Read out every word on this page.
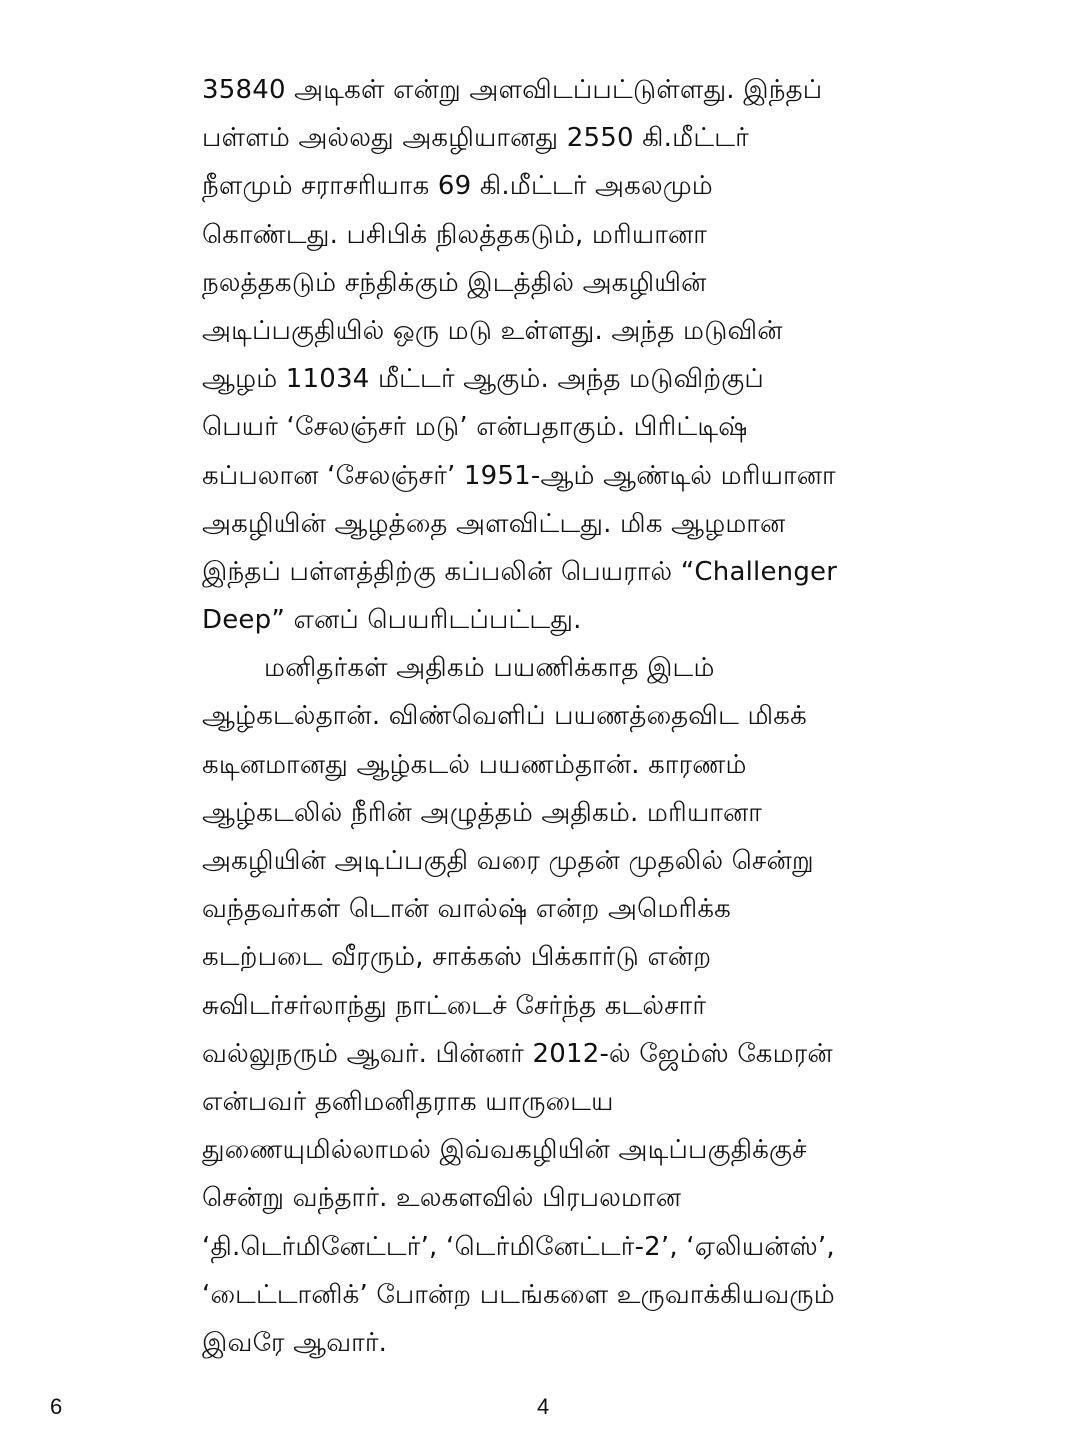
35840 அடிகள் என்று அளவிடப்பட்டுள்ளது. இந்தப்
பள்ளம் அல்லது அகழியானது 2550 கி.மீட்டர்
நீளமும் சராசரியாக 69 கி.மீட்டர் அகலமும்
கொண்டது. பசிபிக் நிலத்தகடும், மரியானா
நலத்தகடும் சந்திக்கும் இடத்தில் அகழியின்
அடிப்பகுதியில் ஒரு மடு உள்ளது. அந்த மடுவின்
ஆழம் 11034 மீட்டர் ஆகும். அந்த மடுவிற்குப்
பெயர் ‘சேலஞ்சர் மடு’ என்பதாகும். பிரிட்டிஷ்
கப்பலான ‘சேலஞ்சர்’ 1951-ஆம் ஆண்டில் மரியானா
அகழியின் ஆழத்தை அளவிட்டது. மிக ஆழமான
இந்தப் பள்ளத்திற்கு கப்பலின் பெயரால் “Challenger
Deep” எனப் பெயரிடப்பட்டது.
மனிதர்கள் அதிகம் பயணிக்காத இடம்
ஆழ்கடல்தான். விண்வெளிப் பயணத்தைவிட மிகக்
கடினமானது ஆழ்கடல் பயணம்தான். காரணம்
ஆழ்கடலில் நீரின் அழுத்தம் அதிகம். மரியானா
அகழியின் அடிப்பகுதி வரை முதன் முதலில் சென்று
வந்தவர்கள் டொன் வால்ஷ் என்ற அமெரிக்க
கடற்படை வீரரும், சாக்கஸ் பிக்கார்டு என்ற
சுவிடர்சர்லாந்து நாட்டைச் சேர்ந்த கடல்சார்
வல்லுநரும் ஆவர். பின்னர் 2012-ல் ஜேம்ஸ் கேமரன்
என்பவர் தனிமனிதராக யாருடைய
துணையுமில்லாமல் இவ்வகழியின் அடிப்பகுதிக்குச்
சென்று வந்தார். உலகளவில் பிரபலமான
‘தி.டெர்மினேட்டர்’, ‘டெர்மினேட்டர்-2’, ‘ஏலியன்ஸ்’,
‘டைட்டானிக்’ போன்ற படங்களை உருவாக்கியவரும்
இவரே ஆவார்.
6	4
